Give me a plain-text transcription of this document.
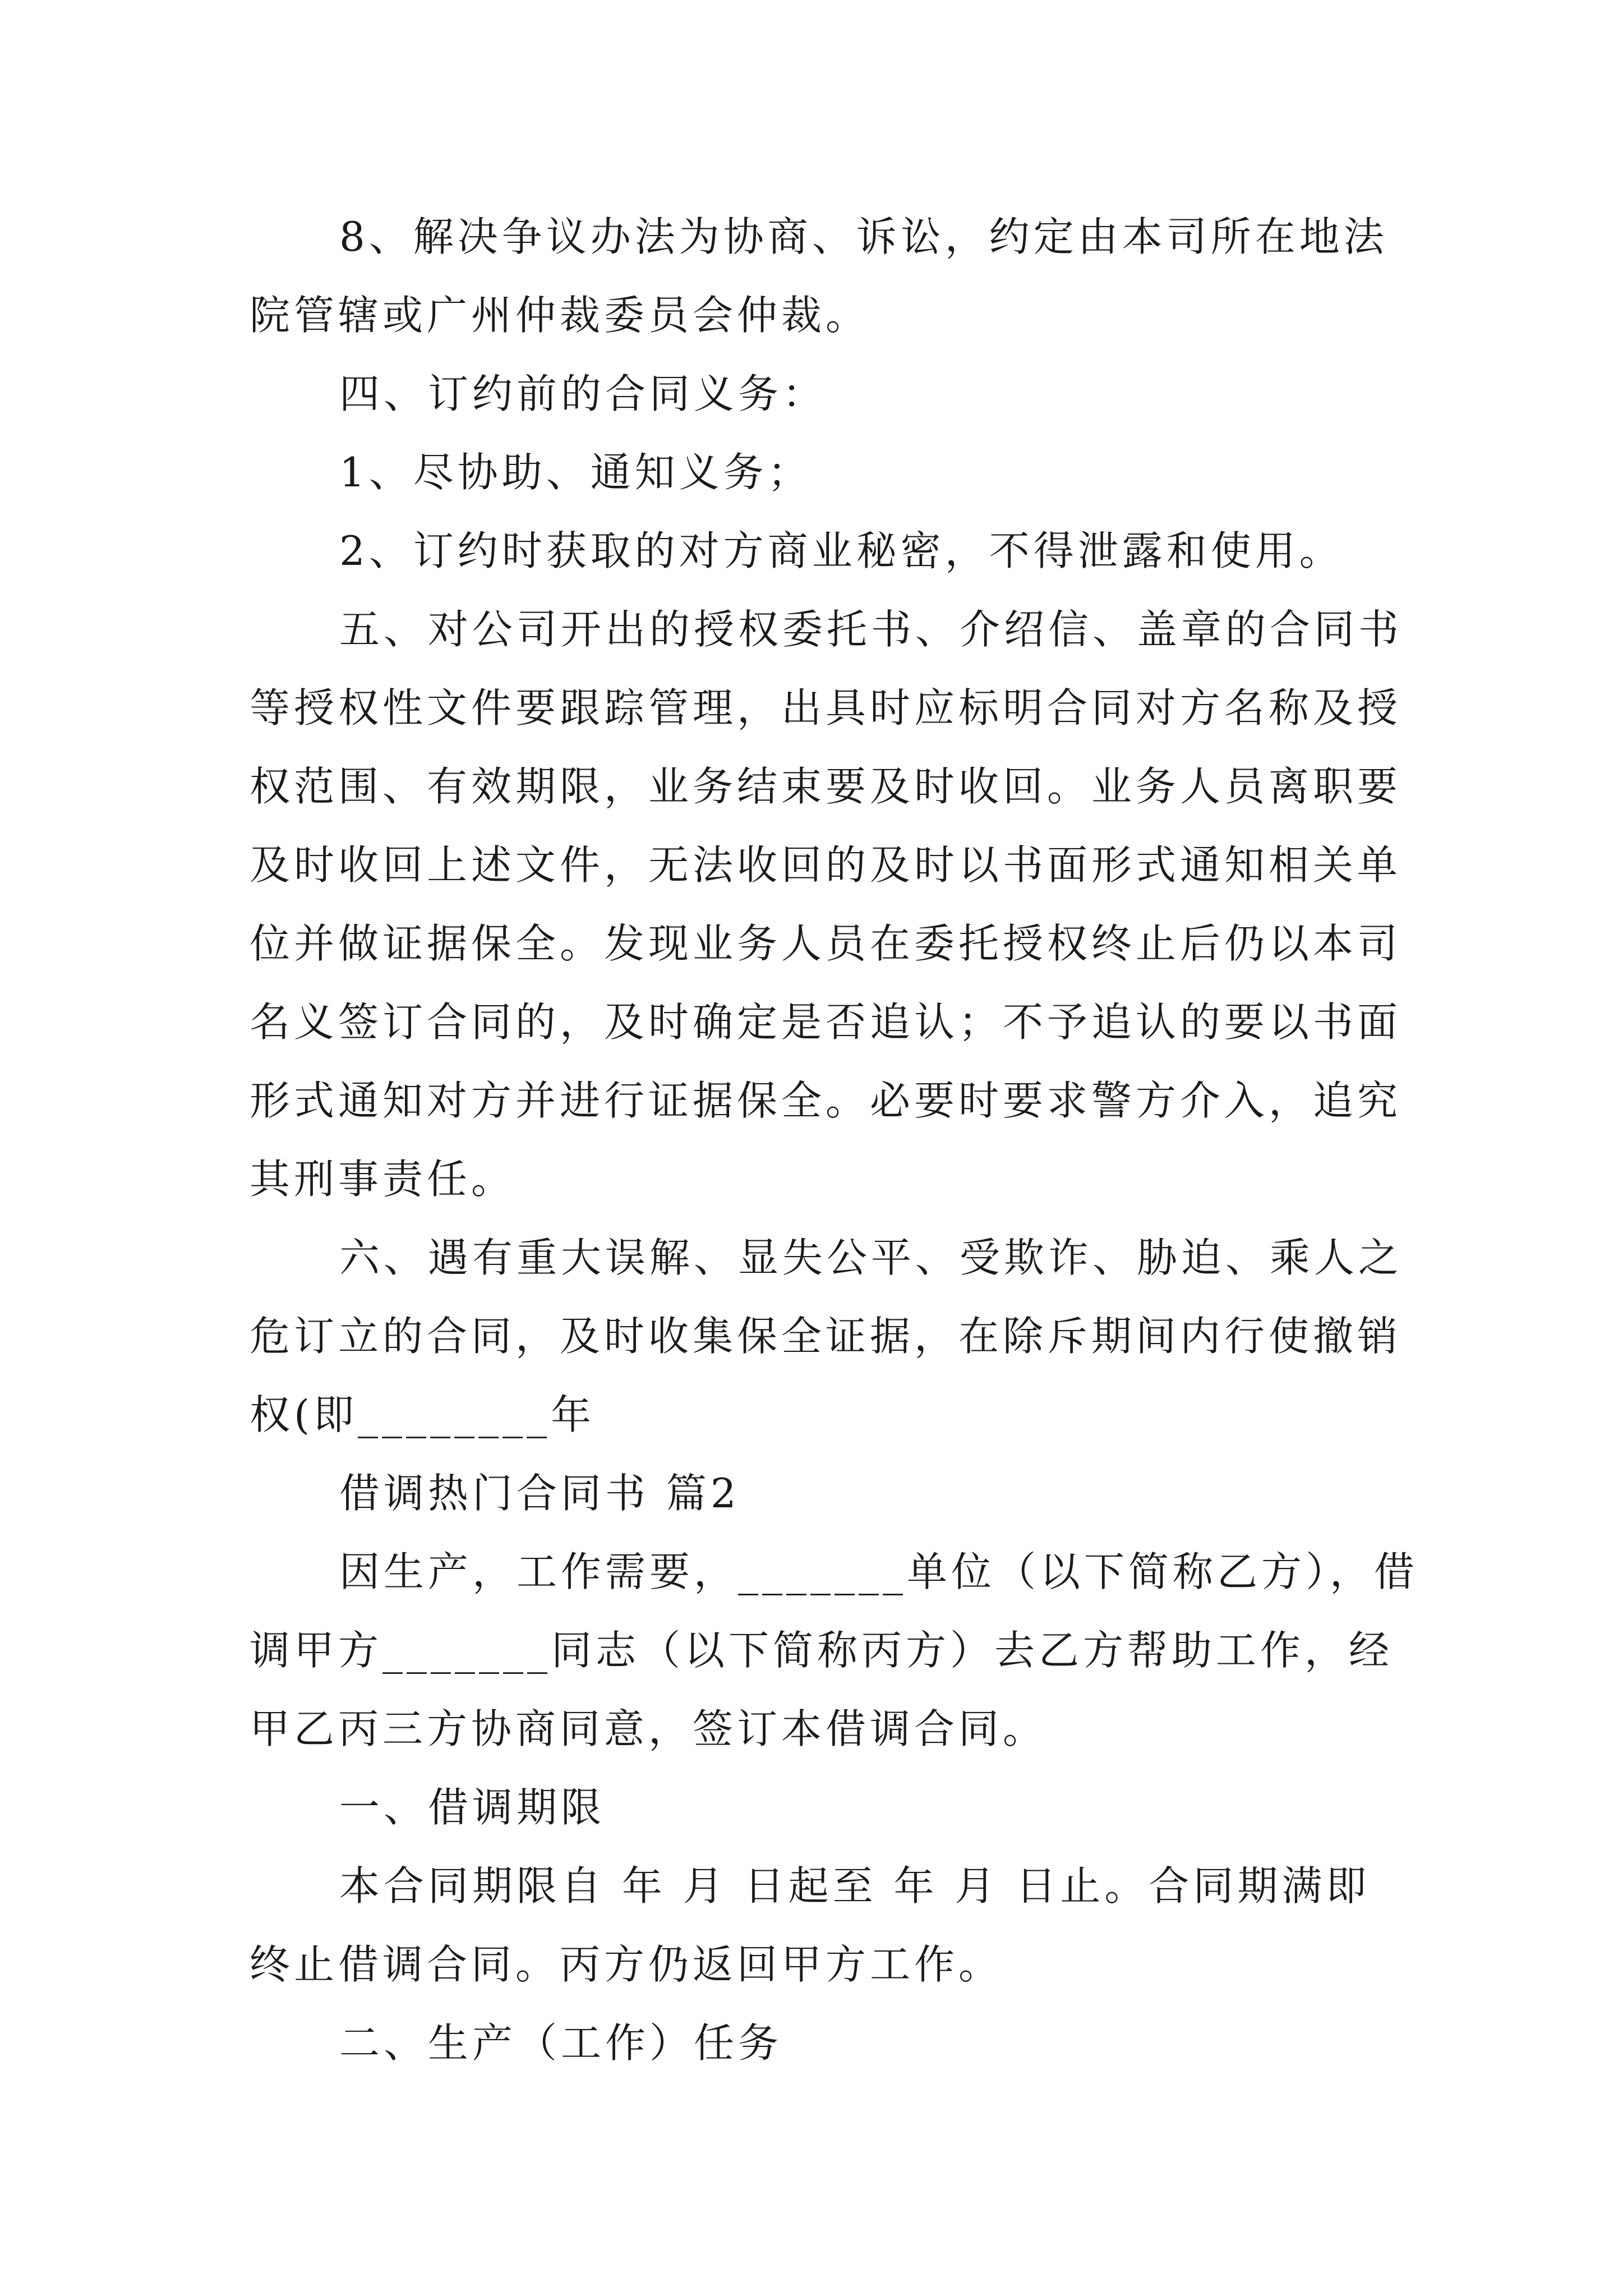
8、解决争议办法为协商、诉讼，约定由本司所在地法
院管辖或广州仲裁委员会仲裁。
四、订约前的合同义务：
1、尽协助、通知义务；
2、订约时获取的对方商业秘密，不得泄露和使用。
五、对公司开出的授权委托书、介绍信、盖章的合同书
等授权性文件要跟踪管理，出具时应标明合同对方名称及授
权范围、有效期限，业务结束要及时收回。业务人员离职要
及时收回上述文件，无法收回的及时以书面形式通知相关单
位并做证据保全。发现业务人员在委托授权终止后仍以本司
名义签订合同的，及时确定是否追认；不予追认的要以书面
形式通知对方并进行证据保全。必要时要求警方介入，追究
其刑事责任。
六、遇有重大误解、显失公平、受欺诈、胁迫、乘人之
危订立的合同，及时收集保全证据，在除斥期间内行使撤销
权(即________年
借调热门合同书 篇2
因生产，工作需要，_______单位（以下简称乙方），借
调甲方_______同志（以下简称丙方）去乙方帮助工作，经
甲乙丙三方协商同意，签订本借调合同。
一、借调期限
本合同期限自 年 月 日起至 年 月 日止。合同期满即
终止借调合同。丙方仍返回甲方工作。
二、生产（工作）任务
